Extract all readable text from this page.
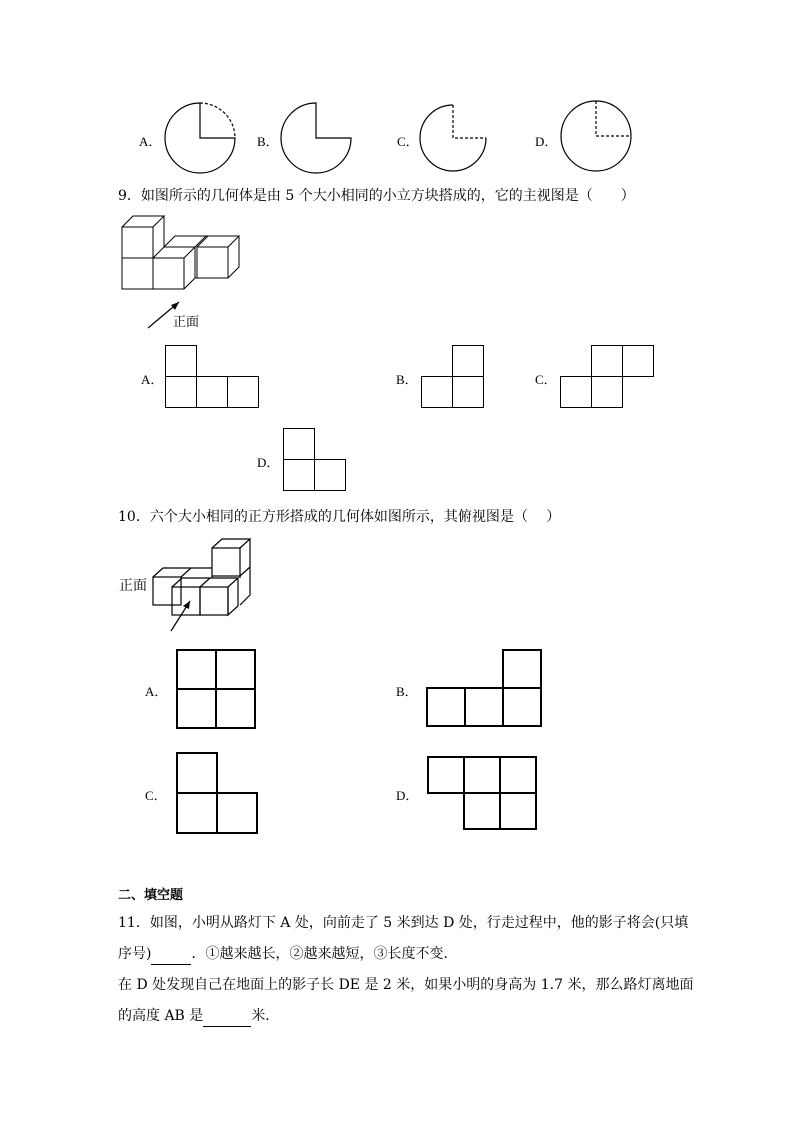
A．	B．	C．	D．
9．如图所示的几何体是由 5 个大小相同的小立方块搭成的，它的主视图是（　　）
正面
A．	B．	C．
D．
10．六个大小相同的正方形搭成的几何体如图所示，其俯视图是（　 ）
正面
A．	B．
C．	D．
二、填空题
11．如图，小明从路灯下 A 处，向前走了 5 米到达 D 处，行走过程中，他的影子将会(只填
序号)	．①越来越长，②越来越短，③长度不变．
在 D 处发现自己在地面上的影子长 DE 是 2 米，如果小明的身高为 1.7 米，那么路灯离地面
的高度 AB 是	米．
